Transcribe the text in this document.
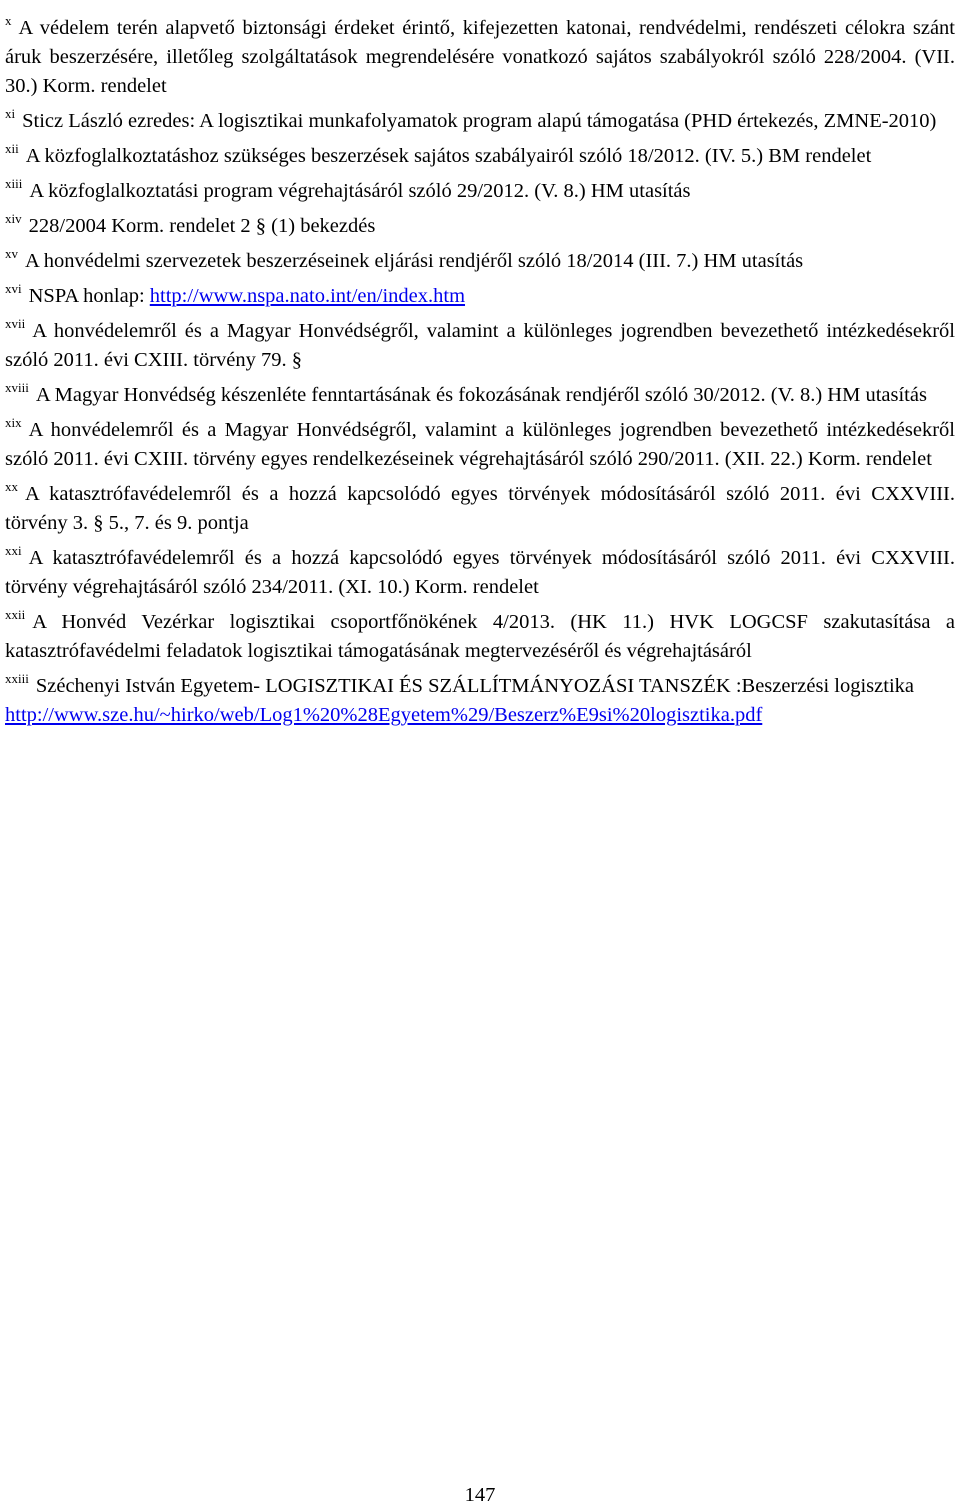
$^x$ A védelem terén alapvető biztonsági érdeket érintő, kifejezetten katonai, rendvédelmi, rendészeti célokra szánt áruk beszerzésére, illetőleg szolgáltatások megrendelésére vonatkozó sajátos szabályokról szóló 228/2004. (VII. 30.) Korm. rendelet

$^{xi}$ Sticz László ezredes: A logisztikai munkafolyamatok program alapú támogatása (PHD értekezés, ZMNE-2010)

$^{xii}$ A közfoglalkoztatáshoz szükséges beszerzések sajátos szabályairól szóló 18/2012. (IV. 5.) BM rendelet

$^{xiii}$ A közfoglalkoztatási program végrehajtásáról szóló 29/2012. (V. 8.) HM utasítás

$^{xiv}$ 228/2004 Korm. rendelet 2 § (1) bekezdés

$^{xv}$ A honvédelmi szervezetek beszerzéseinek eljárási rendjéről szóló 18/2014 (III. 7.) HM utasítás

$^{xvi}$ NSPA honlap: http://www.nspa.nato.int/en/index.htm

$^{xvii}$ A honvédelemről és a Magyar Honvédségről, valamint a különleges jogrendben bevezethető intézkedésekről szóló 2011. évi CXIII. törvény 79. §

$^{xviii}$ A Magyar Honvédség készenléte fenntartásának és fokozásának rendjéről szóló 30/2012. (V. 8.) HM utasítás

$^{xix}$ A honvédelemről és a Magyar Honvédségről, valamint a különleges jogrendben bevezethető intézkedésekről szóló 2011. évi CXIII. törvény egyes rendelkezéseinek végrehajtásáról szóló 290/2011. (XII. 22.) Korm. rendelet

$^{xx}$ A katasztrófavédelemről és a hozzá kapcsolódó egyes törvények módosításáról szóló 2011. évi CXXVIII. törvény 3. § 5., 7. és 9. pontja

$^{xxi}$ A katasztrófavédelemről és a hozzá kapcsolódó egyes törvények módosításáról szóló 2011. évi CXXVIII. törvény végrehajtásáról szóló 234/2011. (XI. 10.) Korm. rendelet

$^{xxii}$ A Honvéd Vezérkar logisztikai csoportfőnökének 4/2013. (HK 11.) HVK LOGCSF szakutasítása a katasztrófavédelmi feladatok logisztikai támogatásának megtervezéséről és végrehajtásáról

$^{xxiii}$ Széchenyi István Egyetem- LOGISZTIKAI ÉS SZÁLLÍTMÁNYOZÁSI TANSZÉK :Beszerzési logisztika
http://www.sze.hu/~hirko/web/Log1%20%28Egyetem%29/Beszerz%E9si%20logisztika.pdf

147
